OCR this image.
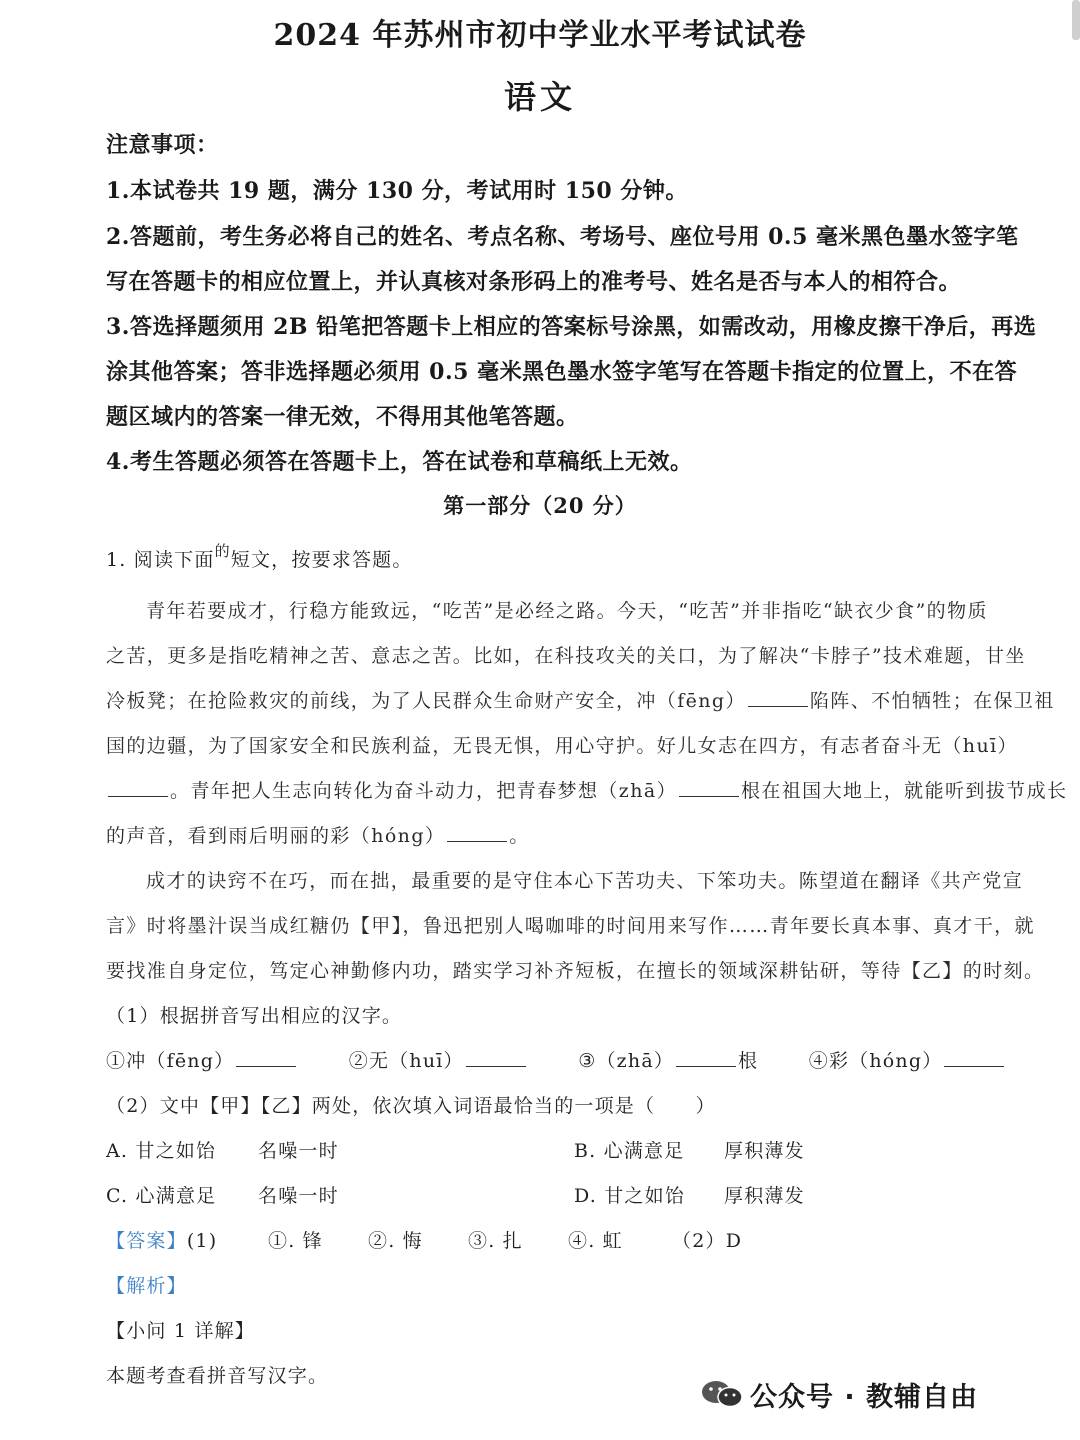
2024 年苏州市初中学业水平考试试卷
语文
注意事项：
1.本试卷共 19 题，满分 130 分，考试用时 150 分钟。
2.答题前，考生务必将自己的姓名、考点名称、考场号、座位号用 0.5 毫米黑色墨水签字笔
写在答题卡的相应位置上，并认真核对条形码上的准考号、姓名是否与本人的相符合。
3.答选择题须用 2B 铅笔把答题卡上相应的答案标号涂黑，如需改动，用橡皮擦干净后，再选
涂其他答案；答非选择题必须用 0.5 毫米黑色墨水签字笔写在答题卡指定的位置上，不在答
题区域内的答案一律无效，不得用其他笔答题。
4.考生答题必须答在答题卡上，答在试卷和草稿纸上无效。
第一部分（20 分）
1. 阅读下面$^的$短文，按要求答题。
青年若要成才，行稳方能致远，“吃苦”是必经之路。今天，“吃苦”并非指吃“缺衣少食”的物质
之苦，更多是指吃精神之苦、意志之苦。比如，在科技攻关的关口，为了解决“卡脖子”技术难题，甘坐
冷板凳；在抢险救灾的前线，为了人民群众生命财产安全，冲（fēng）	陷阵、不怕牺牲；在保卫祖
国的边疆，为了国家安全和民族利益，无畏无惧，用心守护。好儿女志在四方，有志者奋斗无（huī）
。青年把人生志向转化为奋斗动力，把青春梦想（zhā）	根在祖国大地上，就能听到拔节成长
的声音，看到雨后明丽的彩（hóng）	。
成才的诀窍不在巧，而在拙，最重要的是守住本心下苦功夫、下笨功夫。陈望道在翻译《共产党宣
言》时将墨汁误当成红糖仍【甲】，鲁迅把别人喝咖啡的时间用来写作……青年要长真本事、真才干，就
要找准自身定位，笃定心神勤修内功，踏实学习补齐短板，在擅长的领域深耕钻研，等待【乙】的时刻。
（1）根据拼音写出相应的汉字。
①冲（fēng）	②无（huī）	③（zhā）	根	④彩（hóng）
（2）文中【甲】【乙】两处，依次填入词语最恰当的一项是（　　）
A. 甘之如饴 名噪一时	B. 心满意足 厚积薄发
C. 心满意足 名噪一时	D. 甘之如饴 厚积薄发
【答案】(1)	①. 锋 ②. 悔 ③. 扎 ④. 虹	（2）D
【解析】
【小问 1 详解】
本题考查看拼音写汉字。
公众号 · 教辅自由
